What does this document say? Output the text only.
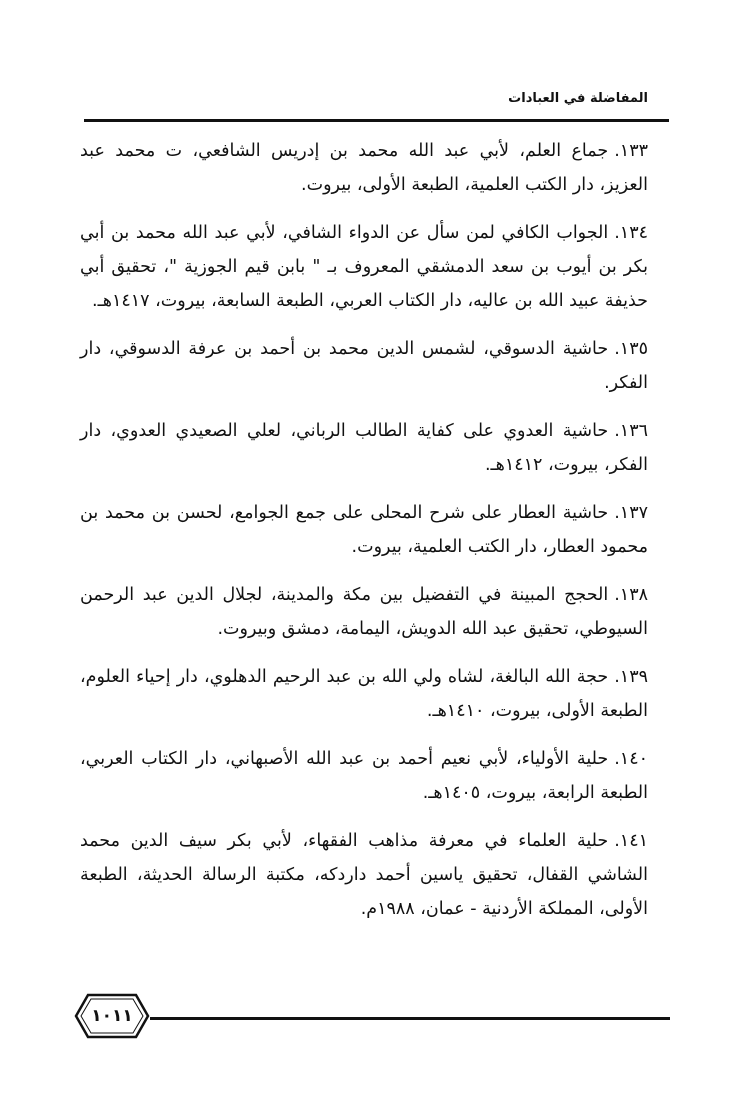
المفاضلة في العبادات
١٣٣.جماع العلم، لأبي عبد الله محمد بن إدريس الشافعي، ت محمد عبد العزيز، دار الكتب العلمية، الطبعة الأولى، بيروت.
١٣٤.الجواب الكافي لمن سأل عن الدواء الشافي، لأبي عبد الله محمد بن أبي بكر بن أيوب بن سعد الدمشقي المعروف بـ " بابن قيم الجوزية "، تحقيق أبي حذيفة عبيد الله بن عاليه، دار الكتاب العربي، الطبعة السابعة، بيروت، ١٤١٧هـ.
١٣٥.حاشية الدسوقي، لشمس الدين محمد بن أحمد بن عرفة الدسوقي، دار الفكر.
١٣٦.حاشية العدوي على كفاية الطالب الرباني، لعلي الصعيدي العدوي، دار الفكر، بيروت، ١٤١٢هـ.
١٣٧.حاشية العطار على شرح المحلى على جمع الجوامع، لحسن بن محمد بن محمود العطار، دار الكتب العلمية، بيروت.
١٣٨.الحجج المبينة في التفضيل بين مكة والمدينة، لجلال الدين عبد الرحمن السيوطي، تحقيق عبد الله الدويش، اليمامة، دمشق وبيروت.
١٣٩.حجة الله البالغة، لشاه ولي الله بن عبد الرحيم الدهلوي، دار إحياء العلوم، الطبعة الأولى، بيروت، ١٤١٠هـ.
١٤٠.حلية الأولياء، لأبي نعيم أحمد بن عبد الله الأصبهاني، دار الكتاب العربي، الطبعة الرابعة، بيروت، ١٤٠٥هـ.
١٤١.حلية العلماء في معرفة مذاهب الفقهاء، لأبي بكر سيف الدين محمد الشاشي القفال، تحقيق ياسين أحمد داردكه، مكتبة الرسالة الحديثة، الطبعة الأولى، المملكة الأردنية - عمان، ١٩٨٨م.
١٠١١
